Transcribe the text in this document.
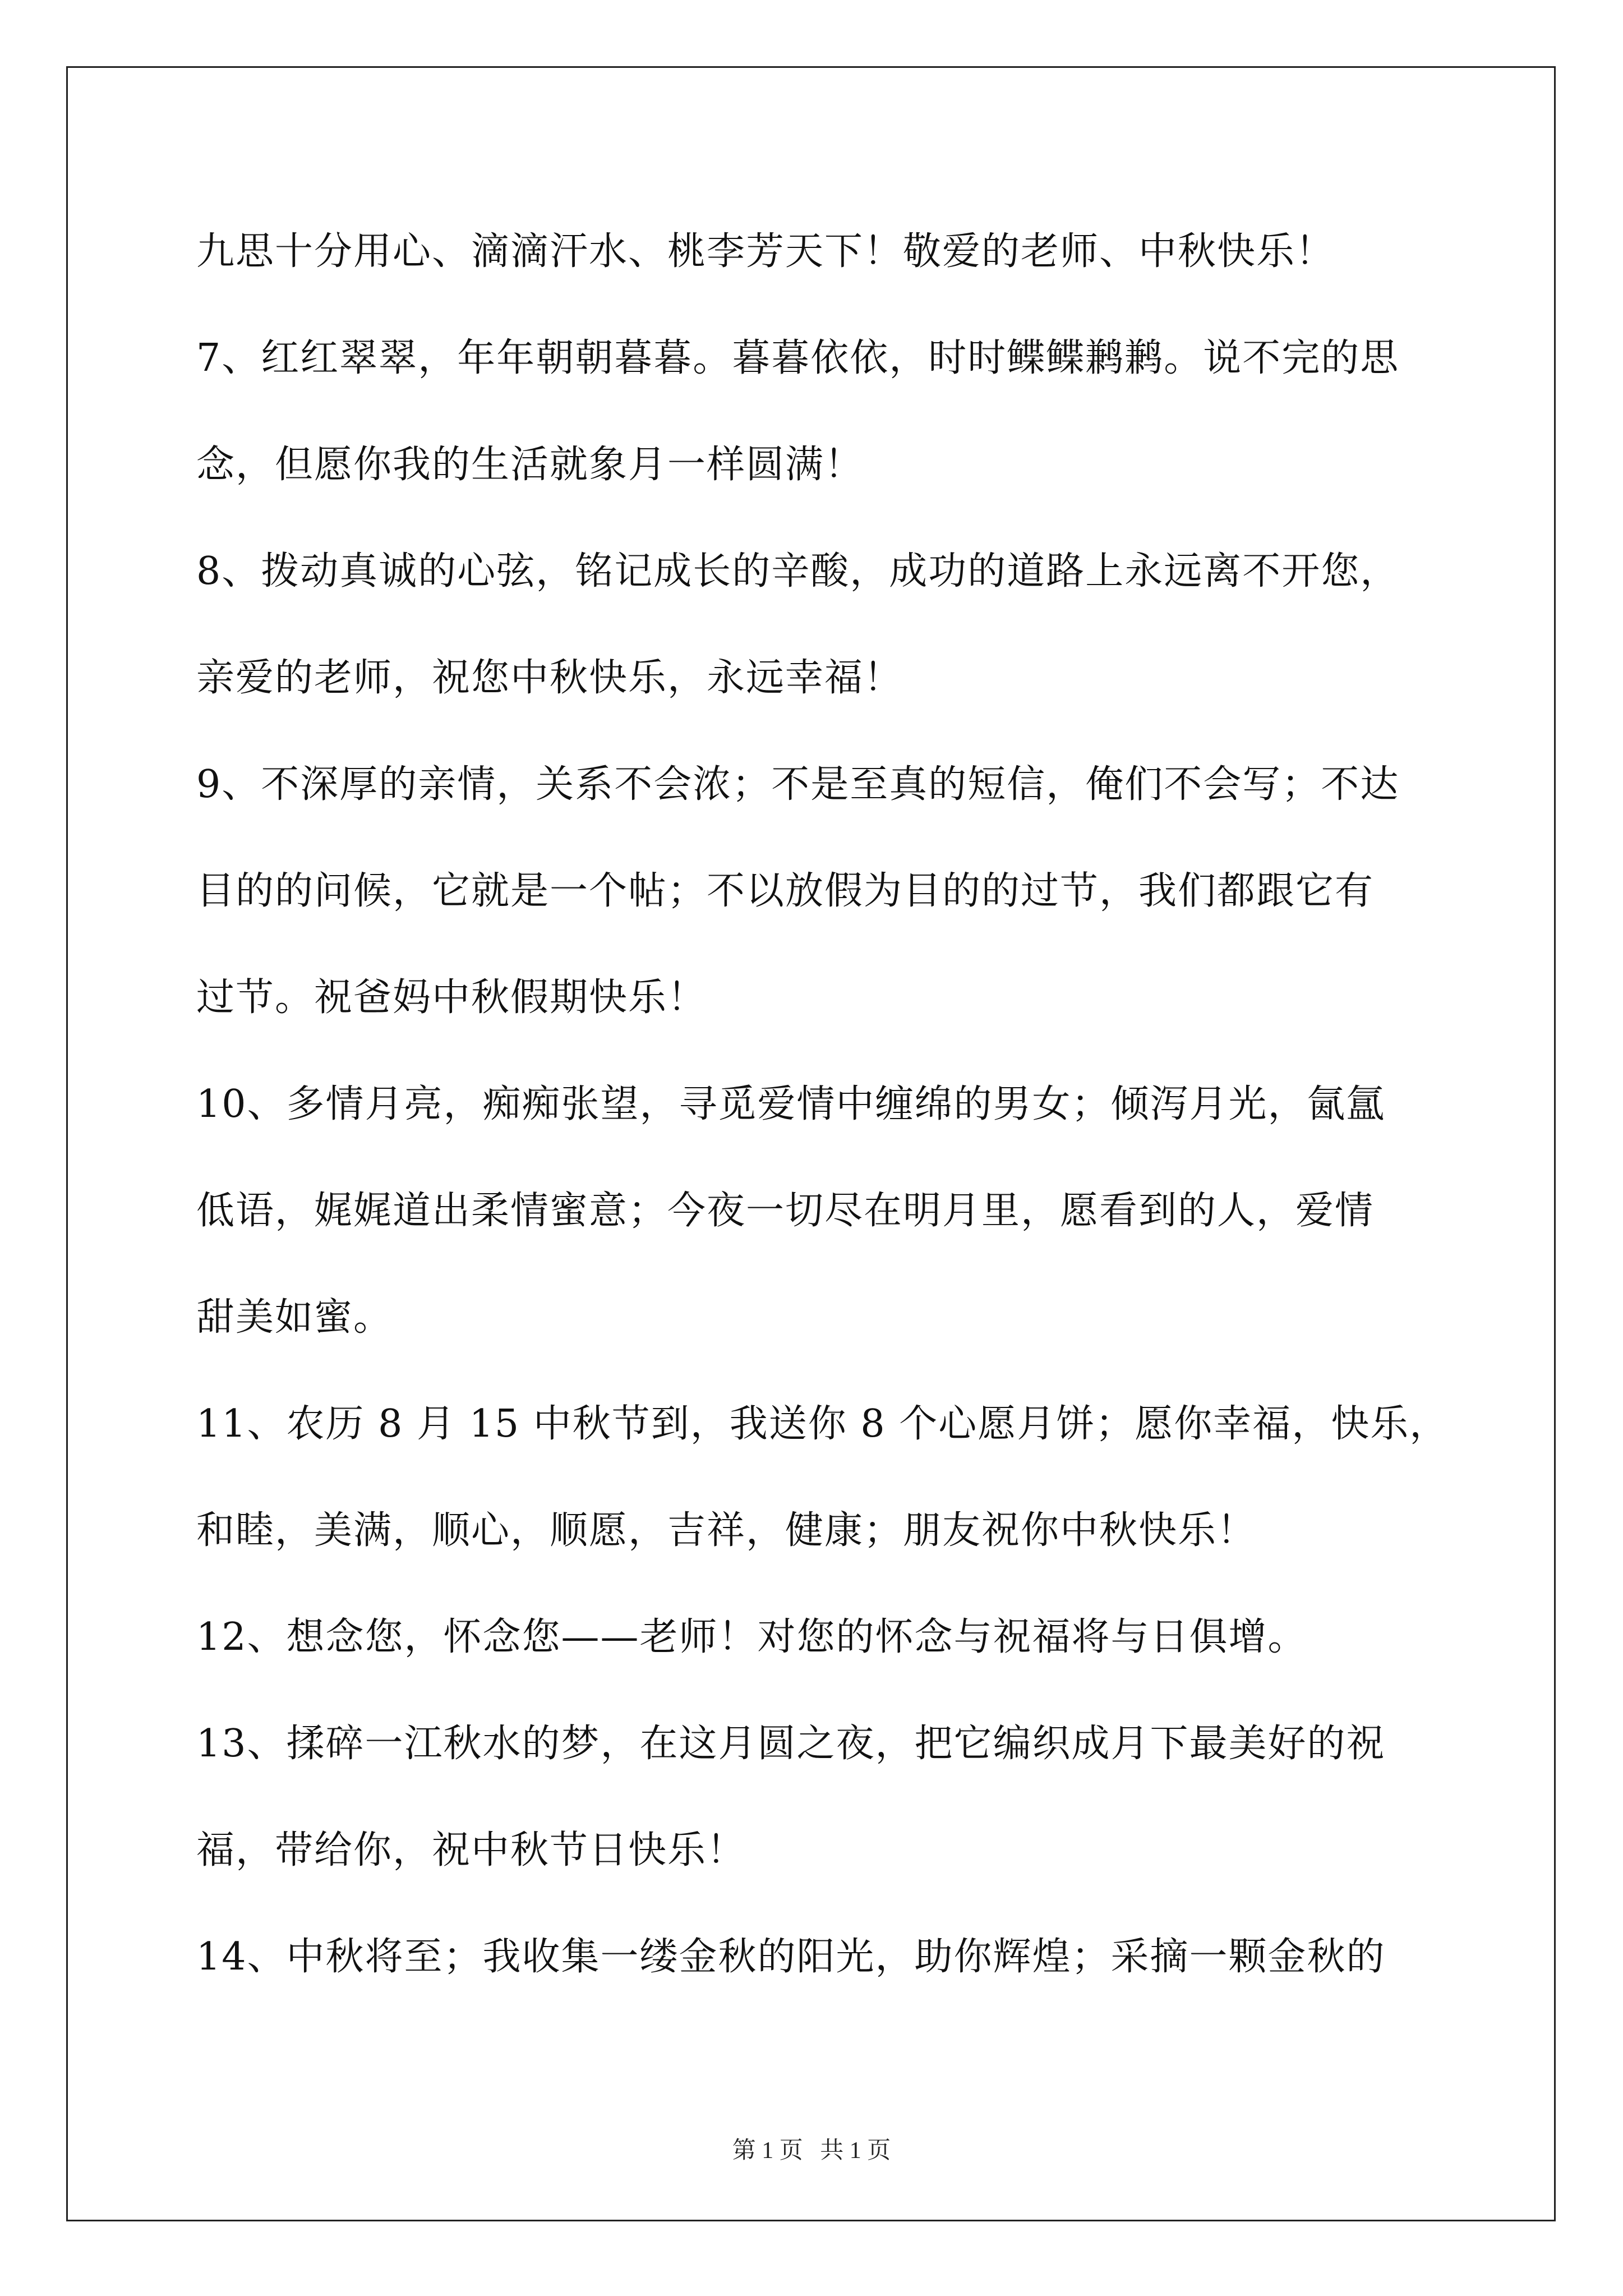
九思十分用心、滴滴汗水、桃李芳天下！敬爱的老师、中秋快乐！
7、红红翠翠，年年朝朝暮暮。暮暮依依，时时鲽鲽鹣鹣。说不完的思
念，但愿你我的生活就象月一样圆满！
8、拨动真诚的心弦，铭记成长的辛酸，成功的道路上永远离不开您，
亲爱的老师，祝您中秋快乐，永远幸福！
9、不深厚的亲情，关系不会浓；不是至真的短信，俺们不会写；不达
目的的问候，它就是一个帖；不以放假为目的的过节，我们都跟它有
过节。祝爸妈中秋假期快乐！
10、多情月亮，痴痴张望，寻觅爱情中缠绵的男女；倾泻月光，氤氲
低语，娓娓道出柔情蜜意；今夜一切尽在明月里，愿看到的人，爱情
甜美如蜜。
11、农历 8 月 15 中秋节到，我送你 8 个心愿月饼；愿你幸福，快乐，
和睦，美满，顺心，顺愿，吉祥，健康；朋友祝你中秋快乐！
12、想念您，怀念您——老师！对您的怀念与祝福将与日俱增。
13、揉碎一江秋水的梦，在这月圆之夜，把它编织成月下最美好的祝
福，带给你，祝中秋节日快乐！
14、中秋将至；我收集一缕金秋的阳光，助你辉煌；采摘一颗金秋的
第 1 页 共 1 页
